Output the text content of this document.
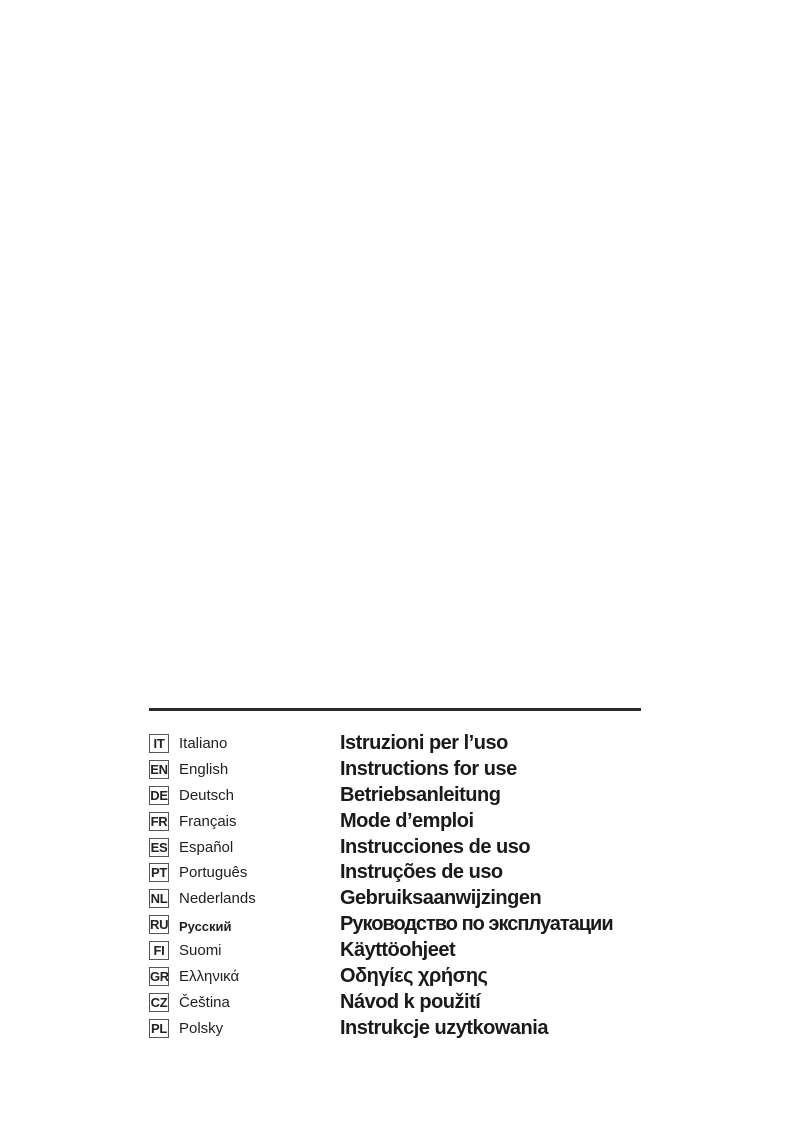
IT Italiano	Istruzioni per l’uso
EN English	Instructions for use
DE Deutsch	Betriebsanleitung
FR Français	Mode d’emploi
ES Español	Instrucciones de uso
PT Português	Instruções de uso
NL Nederlands	Gebruiksaanwijzingen
RU Русский	Руководство по эксплуатации
FI Suomi	Käyttöohjeet
GR Ελληνικά	Οδηγίες χρήσης
CZ Čeština	Návod k použití
PL Polsky	Instrukcje uzytkowania
